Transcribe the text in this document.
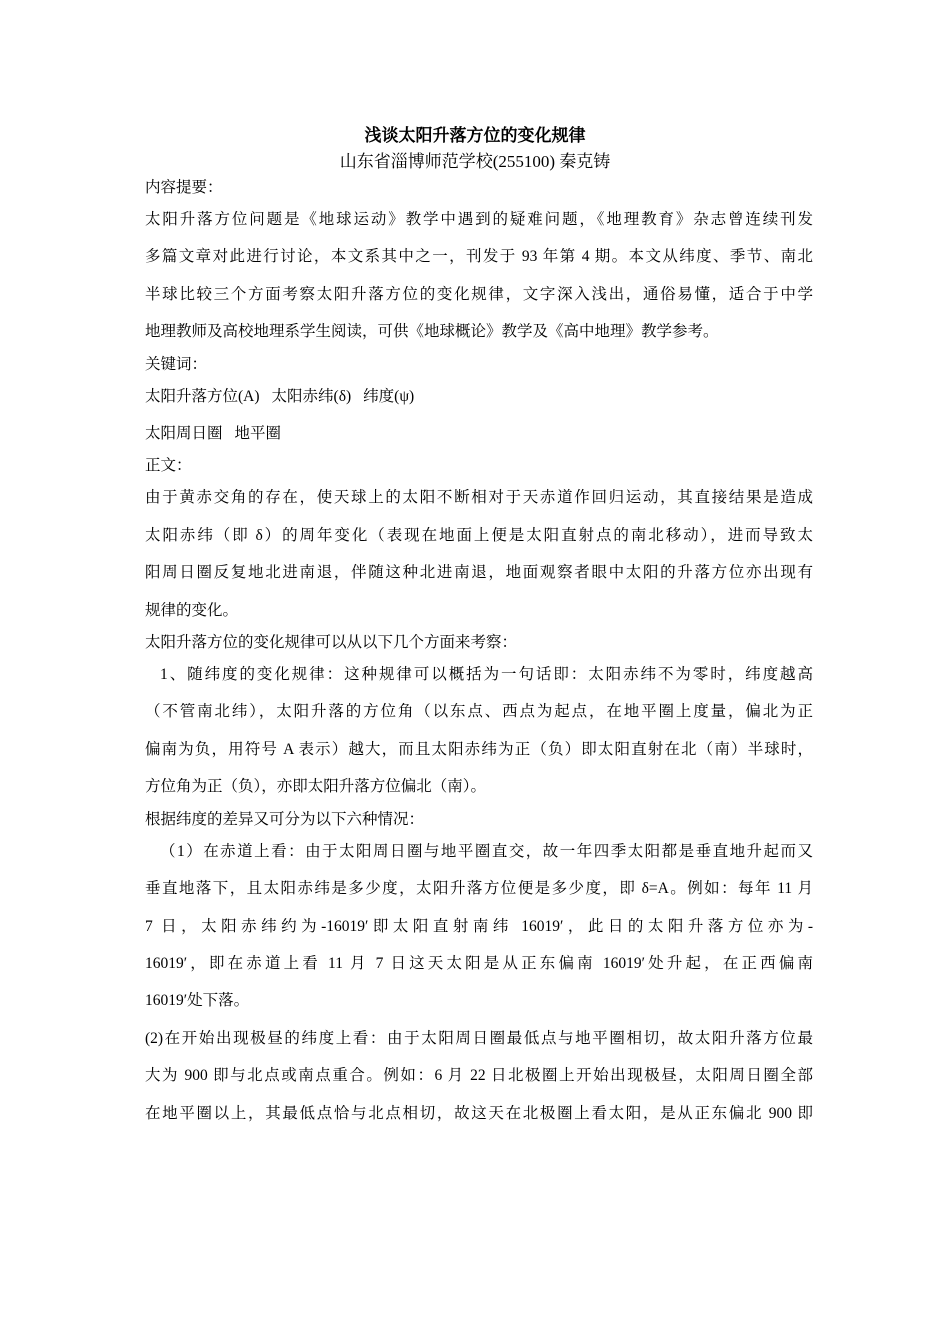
浅谈太阳升落方位的变化规律
山东省淄博师范学校(255100) 秦克铸

内容提要：

太阳升落方位问题是《地球运动》教学中遇到的疑难问题，《地理教育》杂志曾连续刊发

多篇文章对此进行讨论，本文系其中之一，刊发于 93 年第 4 期。本文从纬度、季节、南北

半球比较三个方面考察太阳升落方位的变化规律，文字深入浅出，通俗易懂，适合于中学

地理教师及高校地理系学生阅读，可供《地球概论》教学及《高中地理》教学参考。

关键词：

太阳升落方位(A) 太阳赤纬(δ) 纬度(ψ)

太阳周日圈 地平圈

正文：

由于黄赤交角的存在，使天球上的太阳不断相对于天赤道作回归运动，其直接结果是造成

太阳赤纬（即 δ）的周年变化（表现在地面上便是太阳直射点的南北移动），进而导致太

阳周日圈反复地北进南退，伴随这种北进南退，地面观察者眼中太阳的升落方位亦出现有

规律的变化。

太阳升落方位的变化规律可以从以下几个方面来考察：

1、随纬度的变化规律：这种规律可以概括为一句话即：太阳赤纬不为零时，纬度越高

（不管南北纬），太阳升落的方位角（以东点、西点为起点，在地平圈上度量，偏北为正

偏南为负，用符号 A 表示）越大，而且太阳赤纬为正（负）即太阳直射在北（南）半球时，

方位角为正（负），亦即太阳升落方位偏北（南）。

根据纬度的差异又可分为以下六种情况：

（1）在赤道上看：由于太阳周日圈与地平圈直交，故一年四季太阳都是垂直地升起而又

垂直地落下，且太阳赤纬是多少度，太阳升落方位便是多少度，即 δ=A。例如：每年 11 月

7 日，太阳赤纬约为-16019′即太阳直射南纬 16019′，此日的太阳升落方位亦为-

16019′，即在赤道上看 11 月 7 日这天太阳是从正东偏南 16019′处升起，在正西偏南

16019′处下落。

(2)在开始出现极昼的纬度上看：由于太阳周日圈最低点与地平圈相切，故太阳升落方位最

大为 900 即与北点或南点重合。例如：6 月 22 日北极圈上开始出现极昼，太阳周日圈全部

在地平圈以上，其最低点恰与北点相切，故这天在北极圈上看太阳，是从正东偏北 900 即
